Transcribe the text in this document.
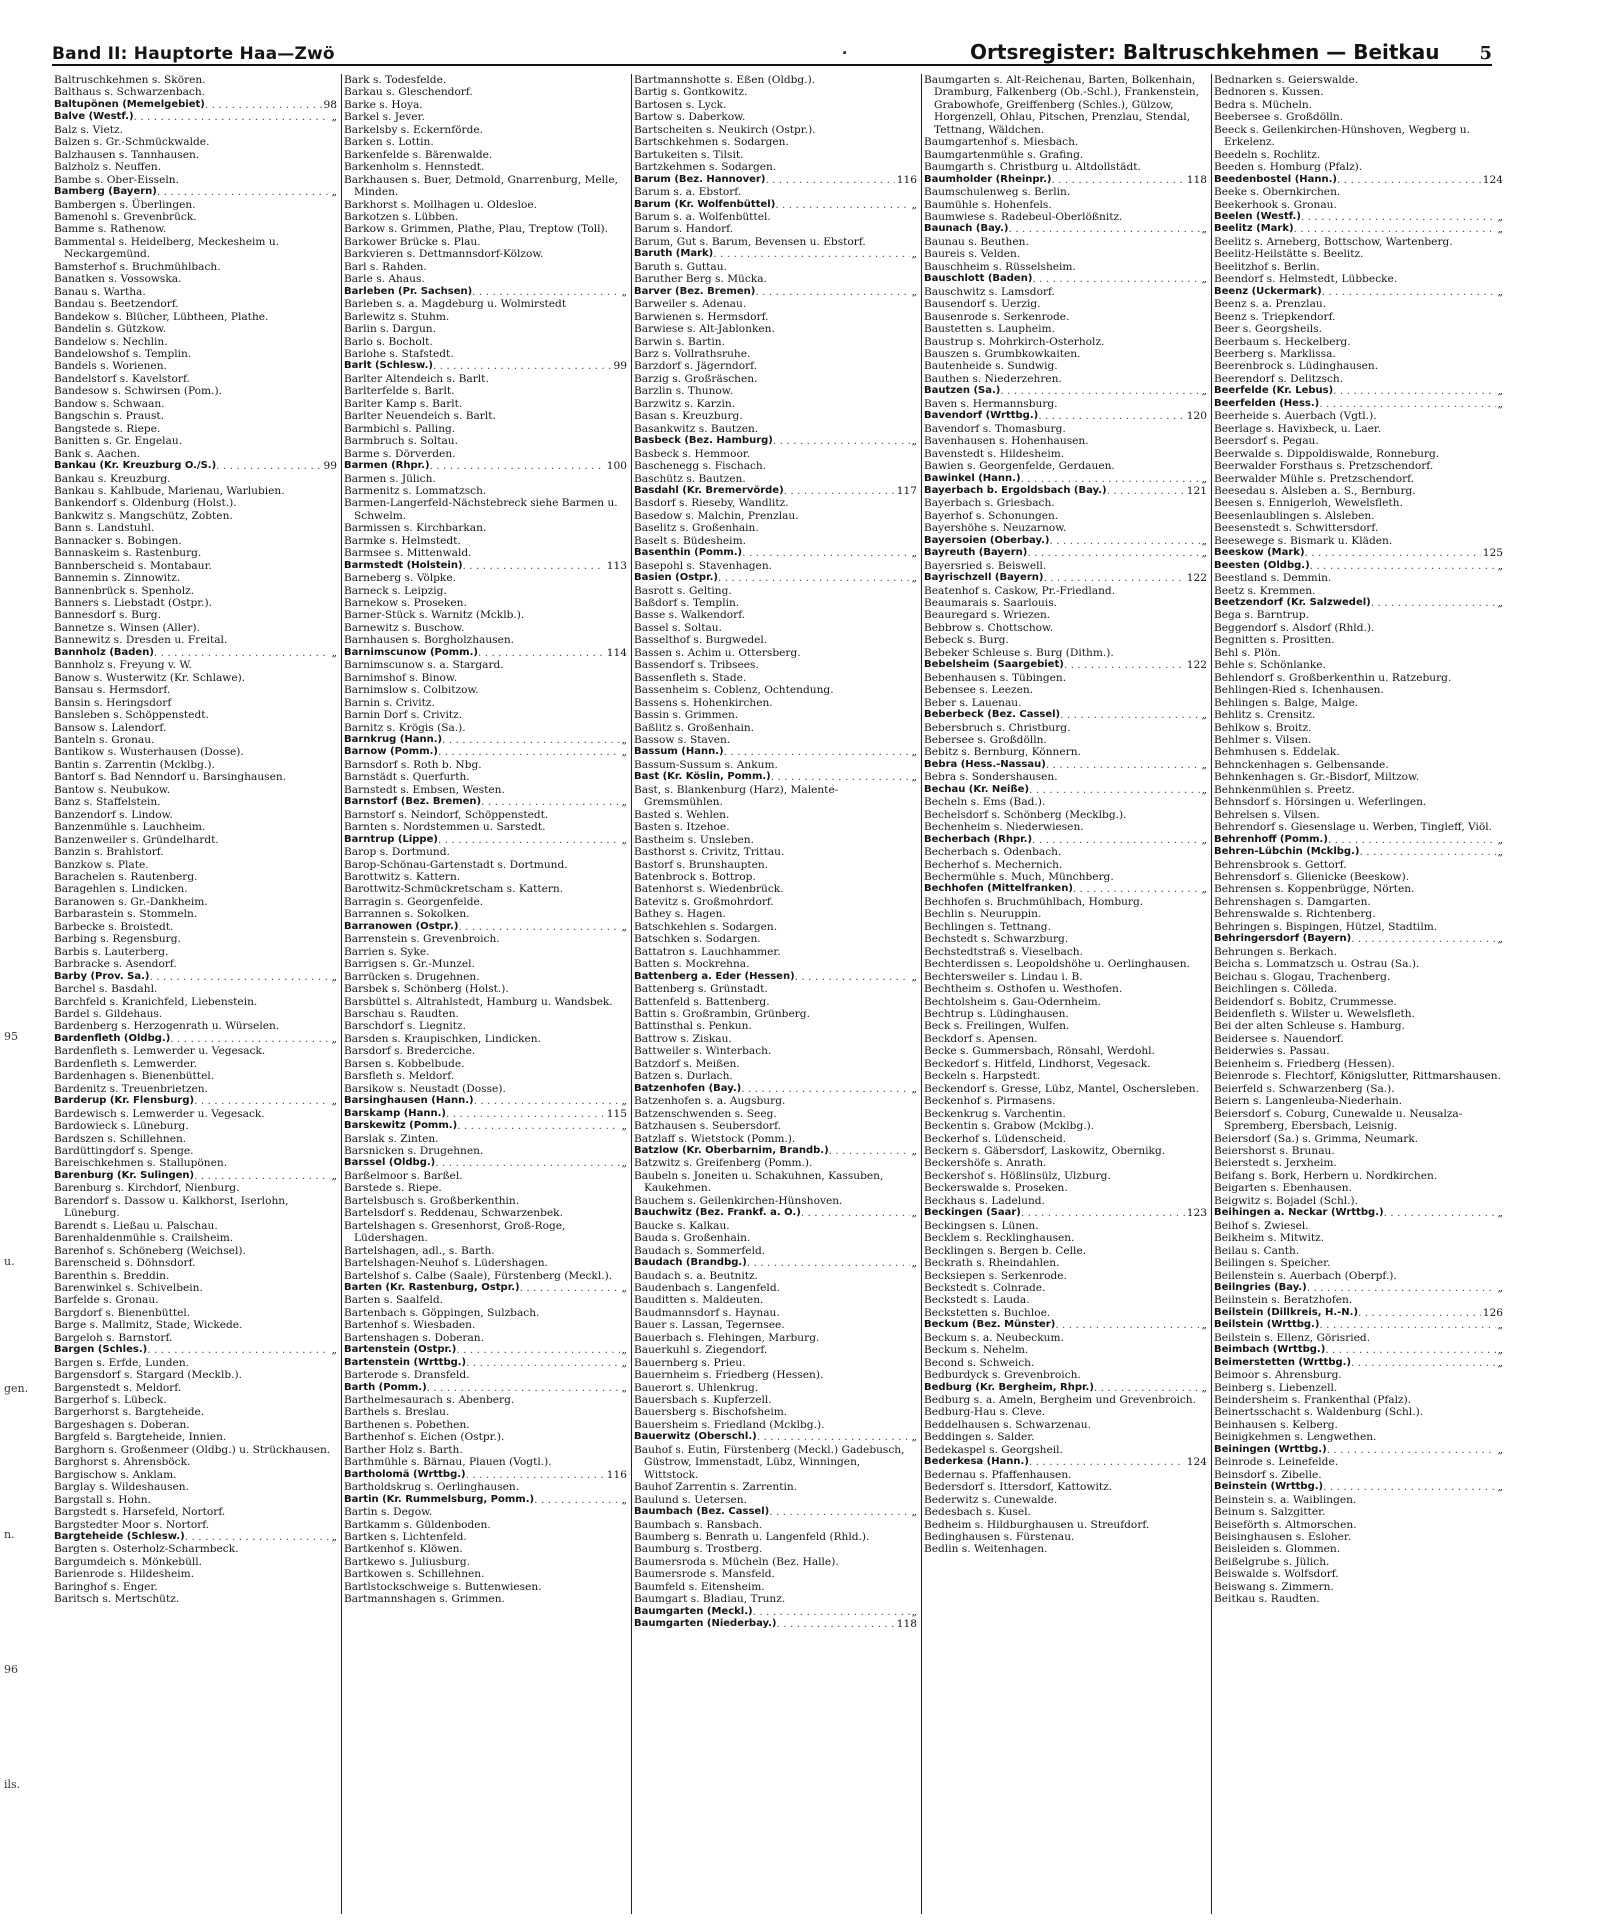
95
u.
gen.
n.
96
ils.
Band II: Hauptorte Haa—Zwö	.	Ortsregister: Baltruschkehmen — Beitkau 5
Baltruschkehmen s. Skören.
Balthaus s. Schwarzenbach.
Baltupönen (Memelgebiet) . . .	98
Balve (Westf.) . . .	„
Balz s. Vietz.
Balzen s. Gr.-Schmückwalde.
Balzhausen s. Tannhausen.
Balzholz s. Neuffen.
Bambe s. Ober-Eisseln.
Bamberg (Bayern) . . .	„
Bambergen s. Überlingen.
Bamenohl s. Grevenbrück.
Bamme s. Rathenow.
Bammental s. Heidelberg, Meckesheim u. Neckargemünd.
Bamsterhof s. Bruchmühlbach.
Banatken s. Vossowska.
Banau s. Wartha.
Bandau s. Beetzendorf.
Bandekow s. Blücher, Lübtheen, Plathe.
Bandelin s. Gützkow.
Bandelow s. Nechlin.
Bandelowshof s. Templin.
Bandels s. Worienen.
Bandelstorf s. Kavelstorf.
Bandesow s. Schwirsen (Pom.).
Bandow s. Schwaan.
Bangschin s. Praust.
Bangstede s. Riepe.
Banitten s. Gr. Engelau.
Bank s. Aachen.
Bankau (Kr. Kreuzburg O./S.) . . .	99
Bankau s. Kreuzburg.
Bankau s. Kahlbude, Marienau, Warlubien.
Bankendorf s. Oldenburg (Holst.).
Bankwitz s. Mangschütz, Zobten.
Bann s. Landstuhl.
Bannacker s. Bobingen.
Bannaskeim s. Rastenburg.
Bannberscheid s. Montabaur.
Bannemin s. Zinnowitz.
Bannenbrück s. Spenholz.
Banners s. Liebstadt (Ostpr.).
Bannesdorf s. Burg.
Bannetze s. Winsen (Aller).
Bannewitz s. Dresden u. Freital.
Bannholz (Baden) . . .	„
Bannholz s. Freyung v. W.
Banow s. Wusterwitz (Kr. Schlawe).
Bansau s. Hermsdorf.
Bansin s. Heringsdorf
Bansleben s. Schöppenstedt.
Bansow s. Lalendorf.
Banteln s. Gronau.
Bantikow s. Wusterhausen (Dosse).
Bantin s. Zarrentin (Mcklbg.).
Bantorf s. Bad Nenndorf u. Barsinghausen.
Bantow s. Neubukow.
Banz s. Staffelstein.
Banzendorf s. Lindow.
Banzenmühle s. Lauchheim.
Banzenweiler s. Gründelhardt.
Banzin s. Brahlstorf.
Banzkow s. Plate.
Barachelen s. Rautenberg.
Baragehlen s. Lindicken.
Baranowen s. Gr.-Dankheim.
Barbarastein s. Stommeln.
Barbecke s. Broistedt.
Barbing s. Regensburg.
Barbis s. Lauterberg.
Barbracke s. Asendorf.
Barby (Prov. Sa.) . . .	„
Barchel s. Basdahl.
Barchfeld s. Kranichfeld, Liebenstein.
Bardel s. Gildehaus.
Bardenberg s. Herzogenrath u. Würselen.
Bardenfleth (Oldbg.) . . .	„
Bardenfleth s. Lemwerder u. Vegesack.
Bardenfleth s. Lemwerder.
Bardenhagen s. Bienenbüttel.
Bardenitz s. Treuenbrietzen.
Barderup (Kr. Flensburg) . . .	„
Bardewisch s. Lemwerder u. Vegesack.
Bardowieck s. Lüneburg.
Bardszen s. Schillehnen.
Bardüttingdorf s. Spenge.
Bareischkehmen s. Stallupönen.
Barenburg (Kr. Sulingen) . . .	„
Barenburg s. Kirchdorf, Nienburg.
Barendorf s. Dassow u. Kalkhorst, Iserlohn, Lüneburg.
Barendt s. Ließau u. Palschau.
Barenhaldenmühle s. Crailsheim.
Barenhof s. Schöneberg (Weichsel).
Barenscheid s. Döhnsdorf.
Barenthin s. Breddin.
Barenwinkel s. Schivelbein.
Barfelde s. Gronau.
Bargdorf s. Bienenbüttel.
Barge s. Mallmitz, Stade, Wickede.
Bargeloh s. Barnstorf.
Bargen (Schles.) . . .	„
Bargen s. Erfde, Lunden.
Bargensdorf s. Stargard (Mecklb.).
Bargenstedt s. Meldorf.
Bargerhof s. Lübeck.
Bargerhorst s. Bargteheide.
Bargeshagen s. Doberan.
Bargfeld s. Bargteheide, Innien.
Barghorn s. Großenmeer (Oldbg.) u. Strückhausen.
Barghorst s. Ahrensböck.
Bargischow s. Anklam.
Barglay s. Wildeshausen.
Bargstall s. Hohn.
Bargstedt s. Harsefeld, Nortorf.
Bargstedter Moor s. Nortorf.
Bargteheide (Schlesw.) . . .	„
Bargten s. Osterholz-Scharmbeck.
Bargumdeich s. Mönkebüll.
Barienrode s. Hildesheim.
Baringhof s. Enger.
Baritsch s. Mertschütz.
Bark s. Todesfelde.
Barkau s. Gleschendorf.
Barke s. Hoya.
Barkel s. Jever.
Barkelsby s. Eckernförde.
Barken s. Lottin.
Barkenfelde s. Bärenwalde.
Barkenholm s. Hennstedt.
Barkhausen s. Buer, Detmold, Gnarrenburg, Melle, Minden.
Barkhorst s. Mollhagen u. Oldesloe.
Barkotzen s. Lübben.
Barkow s. Grimmen, Plathe, Plau, Treptow (Toll).
Barkower Brücke s. Plau.
Barkvieren s. Dettmannsdorf-Kölzow.
Barl s. Rahden.
Barle s. Ahaus.
Barleben (Pr. Sachsen) . . .	„
Barleben s. a. Magdeburg u. Wolmirstedt
Barlewitz s. Stuhm.
Barlin s. Dargun.
Barlo s. Bocholt.
Barlohe s. Stafstedt.
Barlt (Schlesw.) . . .	99
Barlter Altendeich s. Barlt.
Barlterfelde s. Barlt.
Barlter Kamp s. Barlt.
Barlter Neuendeich s. Barlt.
Barmbichl s. Palling.
Barmbruch s. Soltau.
Barme s. Dörverden.
Barmen (Rhpr.) . . .	100
Barmen s. Jülich.
Barmenitz s. Lommatzsch.
Barmen-Langerfeld-Nächstebreck siehe Barmen u. Schwelm.
Barmissen s. Kirchbarkan.
Barmke s. Helmstedt.
Barmsee s. Mittenwald.
Barmstedt (Holstein) . . .	113
Barneberg s. Völpke.
Barneck s. Leipzig.
Barnekow s. Proseken.
Barner-Stück s. Warnitz (Mcklb.).
Barnewitz s. Buschow.
Barnhausen s. Borgholzhausen.
Barnimscunow (Pomm.) . . .	114
Barnimscunow s. a. Stargard.
Barnimshof s. Binow.
Barnimslow s. Colbitzow.
Barnin s. Crivitz.
Barnin Dorf s. Crivitz.
Barnitz s. Krögis (Sa.).
Barnkrug (Hann.) . . .	„
Barnow (Pomm.) . . .	„
Barnsdorf s. Roth b. Nbg.
Barnstädt s. Querfurth.
Barnstedt s. Embsen, Westen.
Barnstorf (Bez. Bremen) . . .	„
Barnstorf s. Neindorf, Schöppenstedt.
Barnten s. Nordstemmen u. Sarstedt.
Barntrup (Lippe) . . .	„
Barop s. Dortmund.
Barop-Schönau-Gartenstadt s. Dortmund.
Barottwitz s. Kattern.
Barottwitz-Schmückretscham s. Kattern.
Barragin s. Georgenfelde.
Barrannen s. Sokolken.
Barranowen (Ostpr.) . . .	„
Barrenstein s. Grevenbroich.
Barrien s. Syke.
Barrigsen s. Gr.-Munzel.
Barrücken s. Drugehnen.
Barsbek s. Schönberg (Holst.).
Barsbüttel s. Altrahlstedt, Hamburg u. Wandsbek.
Barschau s. Raudten.
Barschdorf s. Liegnitz.
Barsden s. Kraupischken, Lindicken.
Barsdorf s. Brederciche.
Barsen s. Kobbelbude.
Barsfleth s. Meldorf.
Barsikow s. Neustadt (Dosse).
Barsinghausen (Hann.) . . .	„
Barskamp (Hann.) . . .	115
Barskewitz (Pomm.) . . .	„
Barslak s. Zinten.
Barsnicken s. Drugehnen.
Barssel (Oldbg.) . . .	„
Barßelmoor s. Barßel.
Barstede s. Riepe.
Bartelsbusch s. Großberkenthin.
Bartelsdorf s. Reddenau, Schwarzenbek.
Bartelshagen s. Gresenhorst, Groß-Roge, Lüdershagen.
Bartelshagen, adl., s. Barth.
Bartelshagen-Neuhof s. Lüdershagen.
Bartelshof s. Calbe (Saale), Fürstenberg (Meckl.).
Barten (Kr. Rastenburg, Ostpr.) . . .	„
Barten s. Saalfeld.
Bartenbach s. Göppingen, Sulzbach.
Bartenhof s. Wiesbaden.
Bartenshagen s. Doberan.
Bartenstein (Ostpr.) . . .	„
Bartenstein (Wrttbg.) . . .	„
Barterode s. Dransfeld.
Barth (Pomm.) . . .	„
Barthelmesaurach s. Abenberg.
Barthels s. Breslau.
Barthenen s. Pobethen.
Barthenhof s. Eichen (Ostpr.).
Barther Holz s. Barth.
Barthmühle s. Bärnau, Plauen (Vogtl.).
Bartholomä (Wrttbg.) . . .	116
Bartholdskrug s. Oerlinghausen.
Bartin (Kr. Rummelsburg, Pomm.) . . .	„
Bartin s. Degow.
Bartkamm s. Güldenboden.
Bartken s. Lichtenfeld.
Bartkenhof s. Klöwen.
Bartkewo s. Juliusburg.
Bartkowen s. Schillehnen.
Bartlstockschweige s. Buttenwiesen.
Bartmannshagen s. Grimmen.
Bartmannshotte s. Eßen (Oldbg.).
Bartig s. Gontkowitz.
Bartosen s. Lyck.
Bartow s. Daberkow.
Bartscheiten s. Neukirch (Ostpr.).
Bartschkehmen s. Sodargen.
Bartukeiten s. Tilsit.
Bartzkehmen s. Sodargen.
Barum (Bez. Hannover) . . .	116
Barum s. a. Ebstorf.
Barum (Kr. Wolfenbüttel) . . .	„
Barum s. a. Wolfenbüttel.
Barum s. Handorf.
Barum, Gut s. Barum, Bevensen u. Ebstorf.
Baruth (Mark) . . .	„
Baruth s. Guttau.
Baruther Berg s. Mücka.
Barver (Bez. Bremen) . . .	„
Barweiler s. Adenau.
Barwienen s. Hermsdorf.
Barwiese s. Alt-Jablonken.
Barwin s. Bartin.
Barz s. Vollrathsruhe.
Barzdorf s. Jägerndorf.
Barzig s. Großräschen.
Barzlin s. Thunow.
Barzwitz s. Karzin.
Basan s. Kreuzburg.
Basankwitz s. Bautzen.
Basbeck (Bez. Hamburg) . . .	„
Basbeck s. Hemmoor.
Baschenegg s. Fischach.
Baschütz s. Bautzen.
Basdahl (Kr. Bremervörde) . . .	117
Basdorf s. Rieseby, Wandlitz.
Basedow s. Malchin, Prenzlau.
Baselitz s. Großenhain.
Baselt s. Büdesheim.
Basenthin (Pomm.) . . .	„
Basepohl s. Stavenhagen.
Basien (Ostpr.) . . .	„
Basrott s. Gelting.
Baßdorf s. Templin.
Basse s. Walkendorf.
Bassel s. Soltau.
Basselthof s. Burgwedel.
Bassen s. Achim u. Ottersberg.
Bassendorf s. Tribsees.
Bassenfleth s. Stade.
Bassenheim s. Coblenz, Ochtendung.
Bassens s. Hohenkirchen.
Bassin s. Grimmen.
Baßlitz s. Großenhain.
Bassow s. Staven.
Bassum (Hann.) . . .	„
Bassum-Sussum s. Ankum.
Bast (Kr. Köslin, Pomm.) . . .	„
Bast, s. Blankenburg (Harz), Malente-Gremsmühlen.
Basted s. Wehlen.
Basten s. Itzehoe.
Bastheim s. Unsleben.
Basthorst s. Crivitz, Trittau.
Bastorf s. Brunshaupten.
Batenbrock s. Bottrop.
Batenhorst s. Wiedenbrück.
Batevitz s. Großmohrdorf.
Bathey s. Hagen.
Batschkehlen s. Sodargen.
Batschken s. Sodargen.
Battatron s. Lauchhammer.
Batten s. Mockrehna.
Battenberg a. Eder (Hessen) . . .	„
Battenberg s. Grünstadt.
Battenfeld s. Battenberg.
Battin s. Großrambin, Grünberg.
Battinsthal s. Penkun.
Battrow s. Ziskau.
Battweiler s. Winterbach.
Batzdorf s. Meißen.
Batzen s. Durlach.
Batzenhofen (Bay.) . . .	„
Batzenhofen s. a. Augsburg.
Batzenschwenden s. Seeg.
Batzhausen s. Seubersdorf.
Batzlaff s. Wietstock (Pomm.).
Batzlow (Kr. Oberbarnim, Brandb.) . . .	„
Batzwitz s. Greifenberg (Pomm.).
Baubeln s. Joneiten u. Schakuhnen, Kassuben, Kaukehmen.
Bauchem s. Geilenkirchen-Hünshoven.
Bauchwitz (Bez. Frankf. a. O.) . . .	„
Baucke s. Kalkau.
Bauda s. Großenhain.
Baudach s. Sommerfeld.
Baudach (Brandbg.) . . .	„
Baudach s. a. Beutnitz.
Baudenbach s. Langenfeld.
Bauditten s. Maldeuten.
Baudmannsdorf s. Haynau.
Bauer s. Lassan, Tegernsee.
Bauerbach s. Flehingen, Marburg.
Bauerkuhl s. Ziegendorf.
Bauernberg s. Prieu.
Bauernheim s. Friedberg (Hessen).
Bauerort s. Uhlenkrug.
Bauersbach s. Kupferzell.
Bauersberg s. Bischofsheim.
Bauersheim s. Friedland (Mcklbg.).
Bauerwitz (Oberschl.) . . .	„
Bauhof s. Eutin, Fürstenberg (Meckl.) Gadebusch, Güstrow, Immenstadt, Lübz, Winningen, Wittstock.
Bauhof Zarrentin s. Zarrentin.
Baulund s. Uetersen.
Baumbach (Bez. Cassel) . . .	„
Baumbach s. Ransbach.
Baumberg s. Benrath u. Langenfeld (Rhld.).
Baumburg s. Trostberg.
Baumersroda s. Mücheln (Bez. Halle).
Baumersrode s. Mansfeld.
Baumfeld s. Eitensheim.
Baumgart s. Bladiau, Trunz.
Baumgarten (Meckl.) . . .	„
Baumgarten (Niederbay.) . . .	118
Baumgarten s. Alt-Reichenau, Barten, Bolkenhain, Dramburg, Falkenberg (Ob.-Schl.), Frankenstein, Grabowhofe, Greiffenberg (Schles.), Gülzow, Horgenzell, Ohlau, Pitschen, Prenzlau, Stendal, Tettnang, Wäldchen.
Baumgartenhof s. Miesbach.
Baumgartenmühle s. Grafing.
Baumgarth s. Christburg u. Altdollstädt.
Baumholder (Rheinpr.) . . .	118
Baumschulenweg s. Berlin.
Baumühle s. Hohenfels.
Baumwiese s. Radebeul-Oberlößnitz.
Baunach (Bay.) . . .	„
Baunau s. Beuthen.
Baureis s. Velden.
Bauschheim s. Rüsselsheim.
Bauschlott (Baden) . . .	„
Bauschwitz s. Lamsdorf.
Bausendorf s. Uerzig.
Bausenrode s. Serkenrode.
Baustetten s. Laupheim.
Baustrup s. Mohrkirch-Osterholz.
Bauszen s. Grumbkowkaiten.
Bautenheide s. Sundwig.
Bauthen s. Niederzehren.
Bautzen (Sa.) . . .	„
Baven s. Hermannsburg.
Bavendorf (Wrttbg.) . . .	120
Bavendorf s. Thomasburg.
Bavenhausen s. Hohenhausen.
Bavenstedt s. Hildesheim.
Bawien s. Georgenfelde, Gerdauen.
Bawinkel (Hann.) . . .	„
Bayerbach b. Ergoldsbach (Bay.) . . .	121
Bayerbach s. Griesbach.
Bayerhof s. Schonungen.
Bayershöhe s. Neuzarnow.
Bayersoien (Oberbay.) . . .	„
Bayreuth (Bayern) . . .	„
Bayersried s. Beiswell.
Bayrischzell (Bayern) . . .	122
Beatenhof s. Caskow, Pr.-Friedland.
Beaumarais s. Saarlouis.
Beauregard s. Wriezen.
Bebbrow s. Chottschow.
Bebeck s. Burg.
Bebeker Schleuse s. Burg (Dithm.).
Bebelsheim (Saargebiet) . . .	122
Bebenhausen s. Tübingen.
Bebensee s. Leezen.
Beber s. Lauenau.
Beberbeck (Bez. Cassel) . . .	„
Bebersbruch s. Christburg.
Bebersee s. Großdölln.
Bebitz s. Bernburg, Könnern.
Bebra (Hess.-Nassau) . . .	„
Bebra s. Sondershausen.
Bechau (Kr. Neiße) . . .	„
Becheln s. Ems (Bad.).
Bechelsdorf s. Schönberg (Mecklbg.).
Bechenheim s. Niederwiesen.
Becherbach (Rhpr.) . . .	„
Becherbach s. Odenbach.
Becherhof s. Mechernich.
Bechermühle s. Much, Münchberg.
Bechhofen (Mittelfranken) . . .	„
Bechhofen s. Bruchmühlbach, Homburg.
Bechlin s. Neuruppin.
Bechlingen s. Tettnang.
Bechstedt s. Schwarzburg.
Bechstedtstraß s. Vieselbach.
Bechterdissen s. Leopoldshöhe u. Oerlinghausen.
Bechtersweiler s. Lindau i. B.
Bechtheim s. Osthofen u. Westhofen.
Bechtolsheim s. Gau-Odernheim.
Bechtrup s. Lüdinghausen.
Beck s. Freilingen, Wulfen.
Beckdorf s. Apensen.
Becke s. Gummersbach, Rönsahl, Werdohl.
Beckedorf s. Hitfeld, Lindhorst, Vegesack.
Beckeln s. Harpstedt.
Beckendorf s. Gresse, Lübz, Mantel, Oschersleben.
Beckenhof s. Pirmasens.
Beckenkrug s. Varchentin.
Beckentin s. Grabow (Mcklbg.).
Beckerhof s. Lüdenscheid.
Beckern s. Gäbersdorf, Laskowitz, Obernikg.
Beckershöfe s. Anrath.
Beckershof s. Hößlinsülz, Ulzburg.
Beckerswalde s. Proseken.
Beckhaus s. Ladelund.
Beckingen (Saar) . . .	123
Beckingsen s. Lünen.
Becklem s. Recklinghausen.
Becklingen s. Bergen b. Celle.
Beckrath s. Rheindahlen.
Becksiepen s. Serkenrode.
Beckstedt s. Colnrade.
Beckstedt s. Lauda.
Beckstetten s. Buchloe.
Beckum (Bez. Münster) . . .	„
Beckum s. a. Neubeckum.
Beckum s. Nehelm.
Becond s. Schweich.
Bedburdyck s. Grevenbroich.
Bedburg (Kr. Bergheim, Rhpr.) . . .	„
Bedburg s. a. Ameln, Bergheim und Grevenbroich.
Bedburg-Hau s. Cleve.
Beddelhausen s. Schwarzenau.
Beddingen s. Salder.
Bedekaspel s. Georgsheil.
Bederkesa (Hann.) . . .	124
Bedernau s. Pfaffenhausen.
Bedersdorf s. Ittersdorf, Kattowitz.
Bederwitz s. Cunewalde.
Bedesbach s. Kusel.
Bedheim s. Hildburghausen u. Streufdorf.
Bedinghausen s. Fürstenau.
Bedlin s. Weitenhagen.
Bednarken s. Geierswalde.
Bednoren s. Kussen.
Bedra s. Mücheln.
Beebersee s. Großdölln.
Beeck s. Geilenkirchen-Hünshoven, Wegberg u. Erkelenz.
Beedeln s. Rochlitz.
Beeden s. Homburg (Pfalz).
Beedenbostel (Hann.) . . .	124
Beeke s. Obernkirchen.
Beekerhook s. Gronau.
Beelen (Westf.) . . .	„
Beelitz (Mark) . . .	„
Beelitz s. Arneberg, Bottschow, Wartenberg.
Beelitz-Heilstätte s. Beelitz.
Beelitzhof s. Berlin.
Beendorf s. Helmstedt, Lübbecke.
Beenz (Uckermark) . . .	„
Beenz s. a. Prenzlau.
Beenz s. Triepkendorf.
Beer s. Georgsheils.
Beerbaum s. Heckelberg.
Beerberg s. Marklissa.
Beerenbrock s. Lüdinghausen.
Beerendorf s. Delitzsch.
Beerfelde (Kr. Lebus) . . .	„
Beerfelden (Hess.) . . .	„
Beerheide s. Auerbach (Vgtl.).
Beerlage s. Havixbeck, u. Laer.
Beersdorf s. Pegau.
Beerwalde s. Dippoldiswalde, Ronneburg.
Beerwalder Forsthaus s. Pretzschendorf.
Beerwalder Mühle s. Pretzschendorf.
Beesedau s. Alsleben a. S., Bernburg.
Beesen s. Ennigerloh, Wewelsfleth.
Beesenlaublingen s. Alsleben.
Beesenstedt s. Schwittersdorf.
Beesewege s. Bismark u. Kläden.
Beeskow (Mark) . . .	125
Beesten (Oldbg.) . . .	„
Beestland s. Demmin.
Beetz s. Kremmen.
Beetzendorf (Kr. Salzwedel) . . .	„
Bega s. Barntrup.
Beggendorf s. Alsdorf (Rhld.).
Begnitten s. Prositten.
Behl s. Plön.
Behle s. Schönlanke.
Behlendorf s. Großberkenthin u. Ratzeburg.
Behlingen-Ried s. Ichenhausen.
Behlingen s. Balge, Malge.
Behlitz s. Crensitz.
Behlkow s. Broitz.
Behlmer s. Vilsen.
Behmhusen s. Eddelak.
Behnckenhagen s. Gelbensande.
Behnkenhagen s. Gr.-Bisdorf, Miltzow.
Behnkenmühlen s. Preetz.
Behnsdorf s. Hörsingen u. Weferlingen.
Behrelsen s. Vilsen.
Behrendorf s. Giesenslage u. Werben, Tingleff, Viöl.
Behrenhoff (Pomm.) . . .	„
Behren-Lübchin (Mcklbg.) . . .	„
Behrensbrook s. Gettorf.
Behrensdorf s. Glienicke (Beeskow).
Behrensen s. Koppenbrügge, Nörten.
Behrenshagen s. Damgarten.
Behrenswalde s. Richtenberg.
Behringen s. Bispingen, Hützel, Stadtilm.
Behringersdorf (Bayern) . . .	„
Behrungen s. Berkach.
Beicha s. Lommatzsch u. Ostrau (Sa.).
Beichau s. Glogau, Trachenberg.
Beichlingen s. Cölleda.
Beidendorf s. Bobitz, Crummesse.
Beidenfleth s. Wilster u. Wewelsfleth.
Bei der alten Schleuse s. Hamburg.
Beidersee s. Nauendorf.
Beiderwies s. Passau.
Beienheim s. Friedberg (Hessen).
Beienrode s. Flechtorf, Königslutter, Rittmarshausen.
Beierfeld s. Schwarzenberg (Sa.).
Beiern s. Langenleuba-Niederhain.
Beiersdorf s. Coburg, Cunewalde u. Neusalza-Spremberg, Ebersbach, Leisnig.
Beiersdorf (Sa.) s. Grimma, Neumark.
Beiershorst s. Brunau.
Beierstedt s. Jerxheim.
Beifang s. Bork, Herbern u. Nordkirchen.
Beigarten s. Ebenhausen.
Beigwitz s. Bojadel (Schl.).
Beihingen a. Neckar (Wrttbg.) . . .	„
Beihof s. Zwiesel.
Beikheim s. Mitwitz.
Beilau s. Canth.
Beilingen s. Speicher.
Beilenstein s. Auerbach (Oberpf.).
Beilngries (Bay.) . . .	„
Beilnstein s. Beratzhofen.
Beilstein (Dillkreis, H.-N.) . . .	126
Beilstein (Wrttbg.) . . .	„
Beilstein s. Ellenz, Görisried.
Beimbach (Wrttbg.) . . .	„
Beimerstetten (Wrttbg.) . . .	„
Beimoor s. Ahrensburg.
Beinberg s. Liebenzell.
Beindersheim s. Frankenthal (Pfalz).
Beinertsschacht s. Waldenburg (Schl.).
Beinhausen s. Kelberg.
Beinigkehmen s. Lengwethen.
Beiningen (Wrttbg.) . . .	„
Beinrode s. Leinefelde.
Beinsdorf s. Zibelle.
Beinstein (Wrttbg.) . . .	„
Beinstein s. a. Waiblingen.
Beinum s. Salzgitter.
Beiseförth s. Altmorschen.
Beisinghausen s. Esloher.
Beisleiden s. Glommen.
Beißelgrube s. Jülich.
Beiswalde s. Wolfsdorf.
Beiswang s. Zimmern.
Beitkau s. Raudten.
